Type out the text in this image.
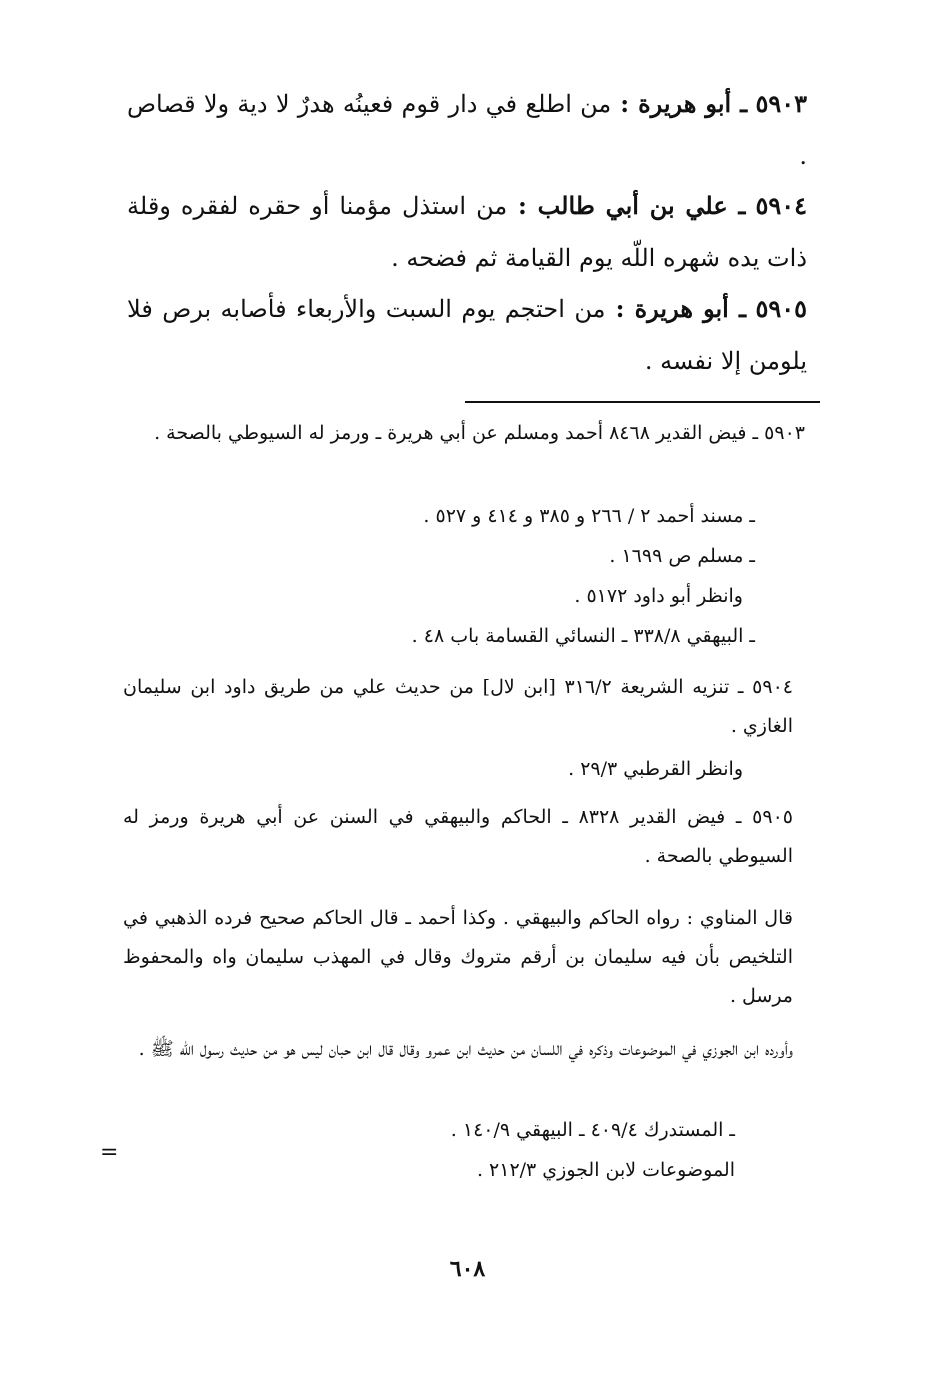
٥٩٠٣ ـ أبو هريرة : من اطلع في دار قوم فعينُه هدرٌ لا دية ولا قصاص .
٥٩٠٤ ـ علي بن أبي طالب : من استذل مؤمنا أو حقره لفقره وقلة ذات يده شهره اللّه يوم القيامة ثم فضحه .
٥٩٠٥ ـ أبو هريرة : من احتجم يوم السبت والأربعاء فأصابه برص فلا يلومن إلا نفسه .
٥٩٠٣ ـ فيض القدير ٨٤٦٨ أحمد ومسلم عن أبي هريرة ـ ورمز له السيوطي بالصحة .
ـ مسند أحمد ٢ / ٢٦٦ و ٣٨٥ و ٤١٤ و ٥٢٧ .
ـ مسلم ص ١٦٩٩ .
وانظر أبو داود ٥١٧٢ .
ـ البيهقي ٣٣٨/٨ ـ النسائي القسامة باب ٤٨ .
٥٩٠٤ ـ تنزيه الشريعة ٣١٦/٢ [ابن لال] من حديث علي من طريق داود ابن سليمان الغازي .
وانظر القرطبي ٢٩/٣ .
٥٩٠٥ ـ فيض القدير ٨٣٢٨ ـ الحاكم والبيهقي في السنن عن أبي هريرة ورمز له السيوطي بالصحة .
قال المناوي : رواه الحاكم والبيهقي . وكذا أحمد ـ قال الحاكم صحيح فرده الذهبي في التلخيص بأن فيه سليمان بن أرقم متروك وقال في المهذب سليمان واه والمحفوظ مرسل .
وأورده ابن الجوزي في الموضوعات وذكره في اللسان من حديث ابن عمرو وقال قال ابن حبان ليس هو من حديث رسول اللّه ﷺ .
ـ المستدرك ٤٠٩/٤ ـ البيهقي ١٤٠/٩ .
الموضوعات لابن الجوزي ٢١٢/٣ .
=
٦٠٨
